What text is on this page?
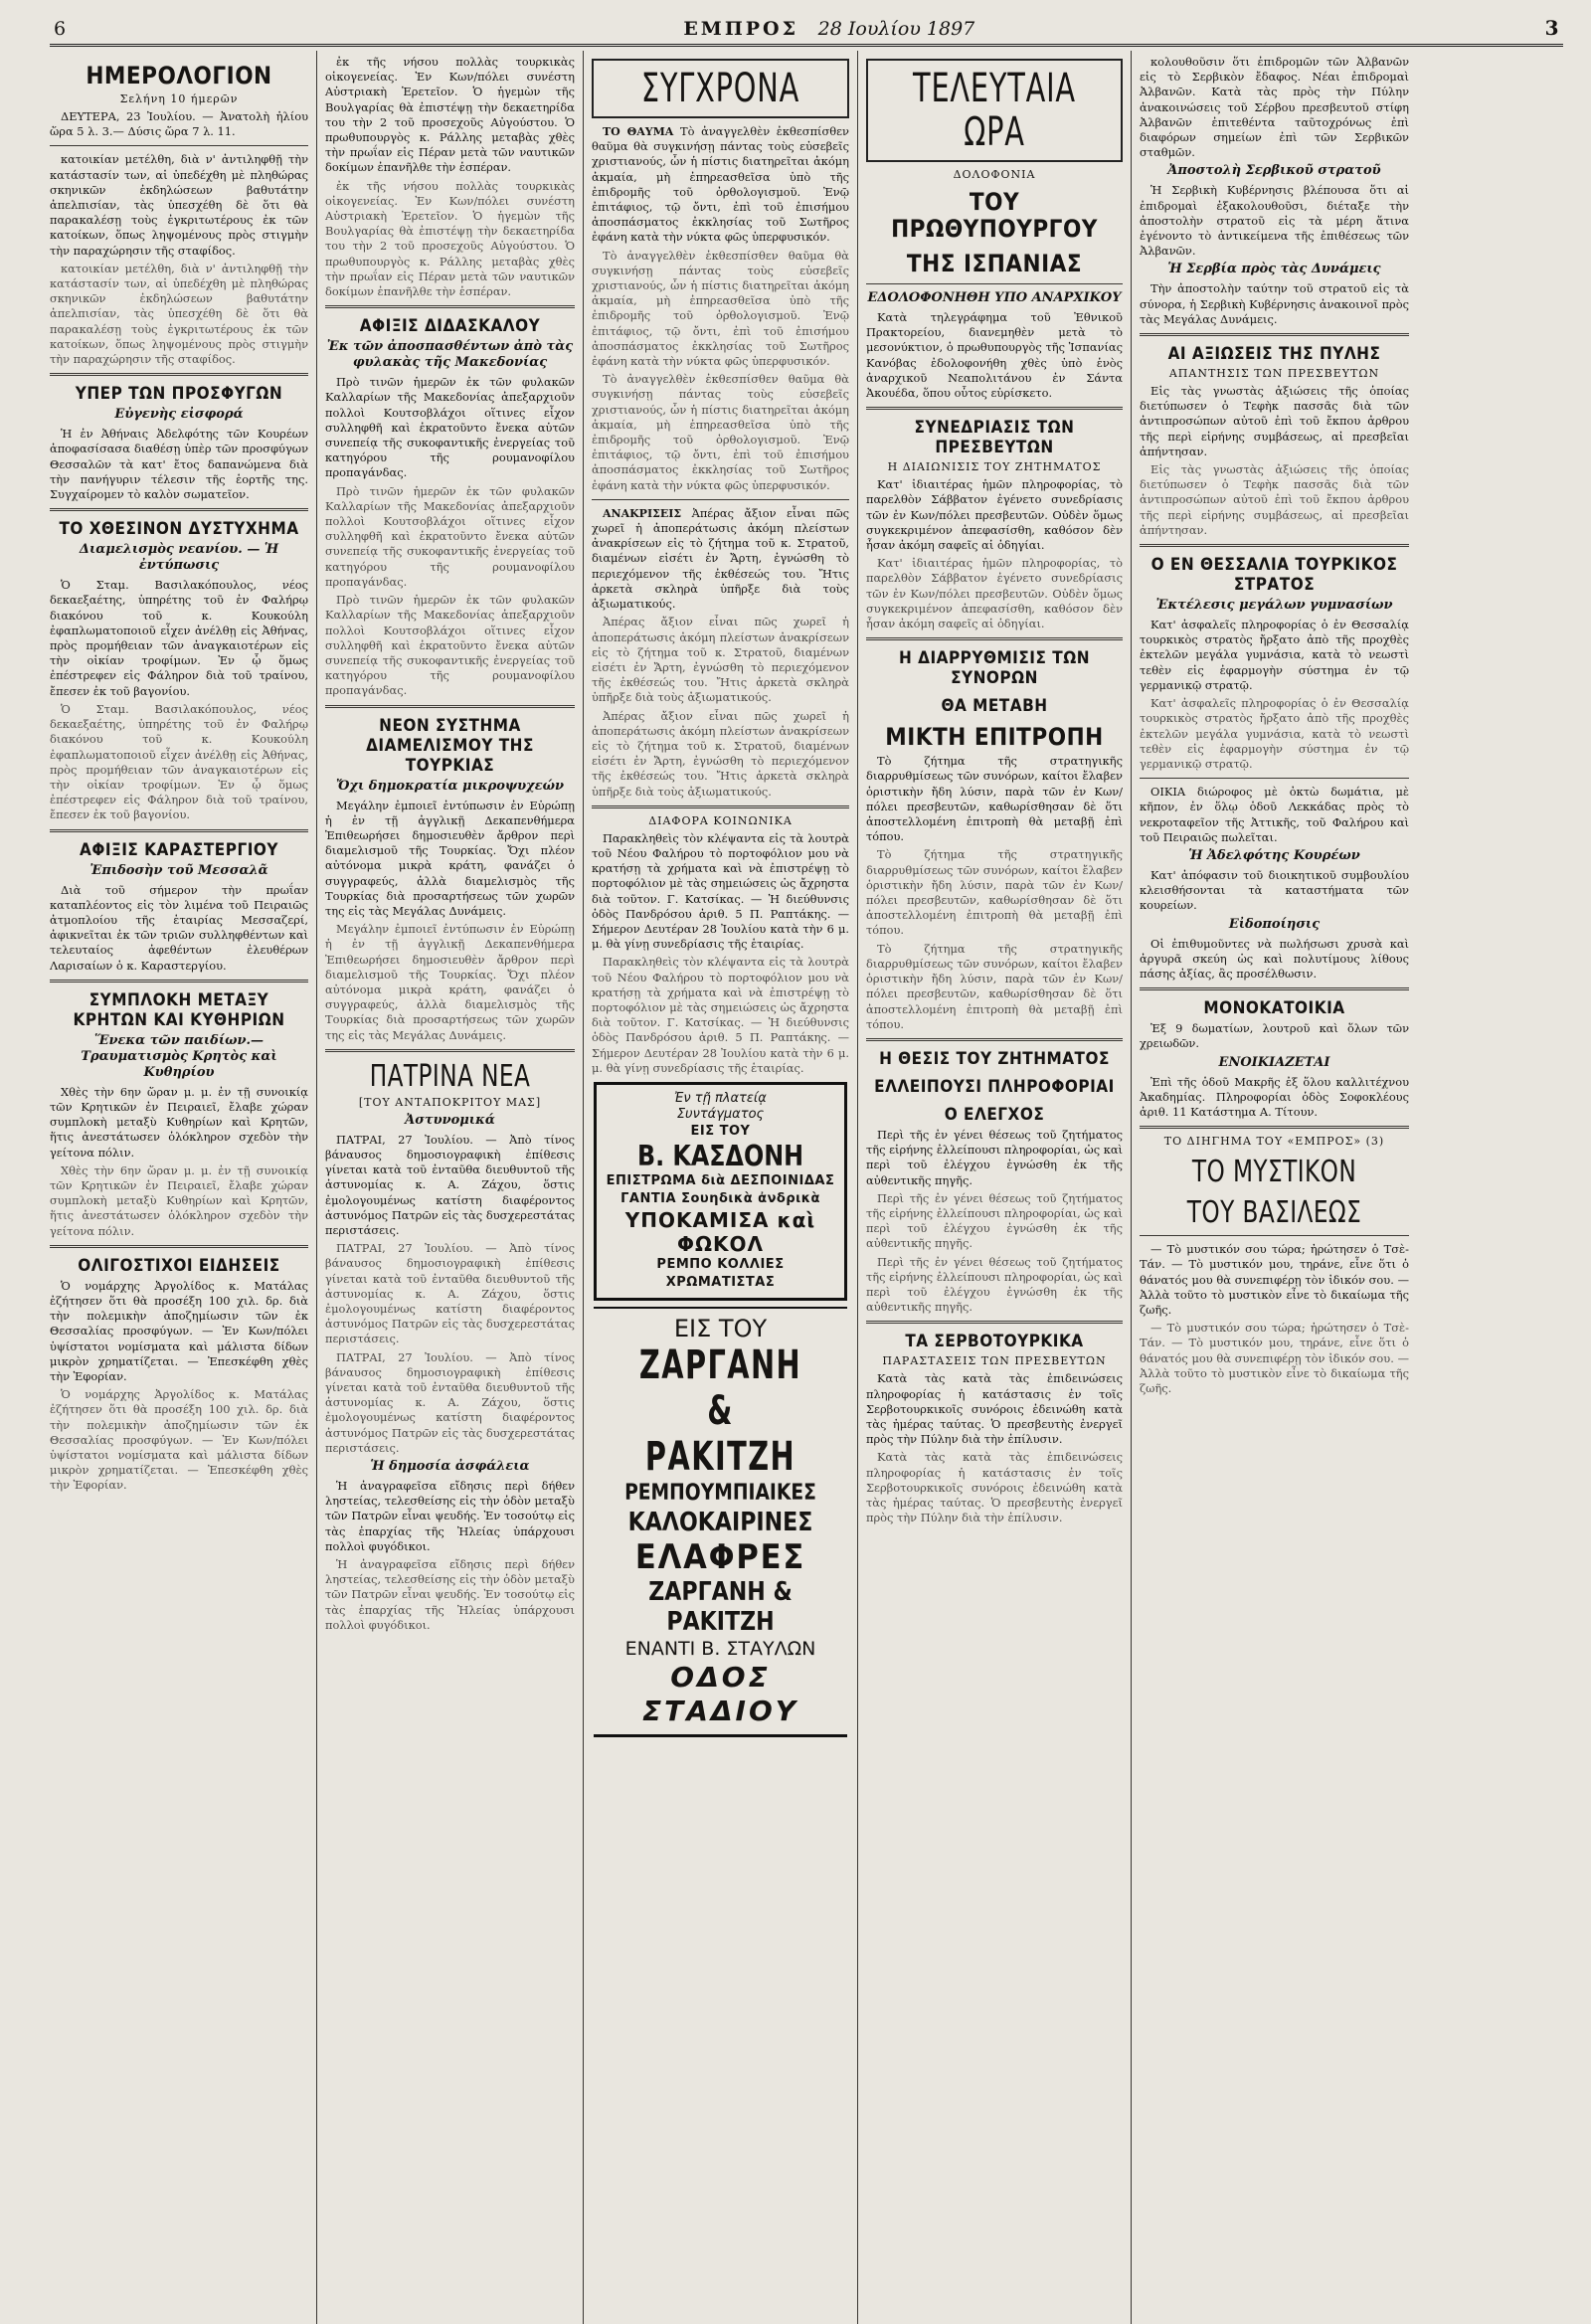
6	ΕΜΠΡΟΣ 28 Ιουλίου 1897	3
ΗΜΕΡΟΛΟΓΙΟΝ
Σελήνη 10 ήμερῶν

ΔΕΥΤΕΡΑ, 23 Ἰουλίου. — Ἀνατολὴ ἡλίου ὥρα 5 λ. 3.— Δύσις ὥρα 7 λ. 11.

κατοικίαν μετέλθη, διὰ ν' ἀντιληφθῇ τὴν κατάστασίν των, αἱ ὑπεδέχθη μὲ πληθώρας σκηνικῶν ἐκδηλώσεων βαθυτάτην ἀπελπισίαν, τὰς ὑπεσχέθη δὲ ὅτι θὰ παρακαλέσῃ τοὺς ἐγκριτωτέρους ἐκ τῶν κατοίκων, ὅπως ληψομένους πρὸς στιγμὴν τὴν παραχώρησιν τῆς σταφίδος.

κατοικίαν μετέλθη, διὰ ν' ἀντιληφθῇ τὴν κατάστασίν των, αἱ ὑπεδέχθη μὲ πληθώρας σκηνικῶν ἐκδηλώσεων βαθυτάτην ἀπελπισίαν, τὰς ὑπεσχέθη δὲ ὅτι θὰ παρακαλέσῃ τοὺς ἐγκριτωτέρους ἐκ τῶν κατοίκων, ὅπως ληψομένους πρὸς στιγμὴν τὴν παραχώρησιν τῆς σταφίδος.

ΥΠΕΡ ΤΩΝ ΠΡΟΣΦΥΓΩΝ
Εὐγενὴς εἰσφορά

Ἡ ἐν Ἀθήναις Ἀδελφότης τῶν Κουρέων ἀποφασίσασα διαθέσῃ ὑπὲρ τῶν προσφύγων Θεσσαλῶν τὰ κατ' ἔτος δαπανώμενα διὰ τὴν πανήγυριν τέλεσιν τῆς ἑορτῆς της. Συγχαίρομεν τὸ καλὸν σωματεῖον.

ΤΟ ΧΘΕΣΙΝΟΝ ΔΥΣΤΥΧΗΜΑ
Διαμελισμὸς νεανίου. — Ἡ ἐντύπωσις

Ὁ Σταμ. Βασιλακόπουλος, νέος δεκαεξαέτης, ὑπηρέτης τοῦ ἐν Φαλήρῳ διακόνου τοῦ κ. Κουκούλη ἐφαπλωματοποιοῦ εἶχεν ἀνέλθῃ εἰς Ἀθήνας, πρὸς προμήθειαν τῶν ἀναγκαιοτέρων εἰς τὴν οἰκίαν τροφίμων. Ἐν ᾧ ὅμως ἐπέστρεφεν εἰς Φάληρον διὰ τοῦ τραίνου, ἔπεσεν ἐκ τοῦ βαγονίου.

Ὁ Σταμ. Βασιλακόπουλος, νέος δεκαεξαέτης, ὑπηρέτης τοῦ ἐν Φαλήρῳ διακόνου τοῦ κ. Κουκούλη ἐφαπλωματοποιοῦ εἶχεν ἀνέλθῃ εἰς Ἀθήνας, πρὸς προμήθειαν τῶν ἀναγκαιοτέρων εἰς τὴν οἰκίαν τροφίμων. Ἐν ᾧ ὅμως ἐπέστρεφεν εἰς Φάληρον διὰ τοῦ τραίνου, ἔπεσεν ἐκ τοῦ βαγονίου.

ΑΦΙΞΙΣ ΚΑΡΑΣΤΕΡΓΙΟΥ
Ἐπιδοσὴν τοῦ Μεσσαλᾶ

Διὰ τοῦ σήμερον τὴν πρωΐαν καταπλέοντος εἰς τὸν λιμένα τοῦ Πειραιῶς ἀτμοπλοίου τῆς ἑταιρίας Μεσσαζερί, ἀφικνεῖται ἐκ τῶν τριῶν συλληφθέντων καὶ τελευταίος ἀφεθέντων ἐλευθέρων Λαρισαίων ὁ κ. Καραστεργίου.

ΣΥΜΠΛΟΚΗ ΜΕΤΑΞΥ ΚΡΗΤΩΝ ΚΑΙ ΚΥΘΗΡΙΩΝ
Ἕνεκα τῶν παιδίων.— Τραυματισμὸς Κρητὸς καὶ Κυθηρίου

Χθὲς τὴν 6ην ὥραν μ. μ. ἐν τῇ συνοικίᾳ τῶν Κρητικῶν ἐν Πειραιεῖ, ἔλαβε χώραν συμπλοκὴ μεταξὺ Κυθηρίων καὶ Κρητῶν, ἥτις ἀνεστάτωσεν ὁλόκληρον σχεδὸν τὴν γείτονα πόλιν.

Χθὲς τὴν 6ην ὥραν μ. μ. ἐν τῇ συνοικίᾳ τῶν Κρητικῶν ἐν Πειραιεῖ, ἔλαβε χώραν συμπλοκὴ μεταξὺ Κυθηρίων καὶ Κρητῶν, ἥτις ἀνεστάτωσεν ὁλόκληρον σχεδὸν τὴν γείτονα πόλιν.

ΟΛΙΓΟΣΤΙΧΟΙ ΕΙΔΗΣΕΙΣ

Ὁ νομάρχης Ἀργολίδος κ. Ματάλας ἐζήτησεν ὅτι θὰ προσέξη 100 χιλ. δρ. διὰ τὴν πολεμικὴν ἀποζημίωσιν τῶν ἐκ Θεσσαλίας προσφύγων. — Ἐν Κων/πόλει ὑψίστατοι νομίσματα καὶ μάλιστα δίδων μικρὸν χρηματίζεται. — Ἐπεσκέφθη χθὲς τὴν Ἐφορίαν.

Ὁ νομάρχης Ἀργολίδος κ. Ματάλας ἐζήτησεν ὅτι θὰ προσέξη 100 χιλ. δρ. διὰ τὴν πολεμικὴν ἀποζημίωσιν τῶν ἐκ Θεσσαλίας προσφύγων. — Ἐν Κων/πόλει ὑψίστατοι νομίσματα καὶ μάλιστα δίδων μικρὸν χρηματίζεται. — Ἐπεσκέφθη χθὲς τὴν Ἐφορίαν.

ἐκ τῆς νήσου πολλὰς τουρκικὰς οἰκογενείας. Ἐν Κων/πόλει συνέστη Αὐστριακὴ Ἐρετεῖον. Ὁ ἡγεμὼν τῆς Βουλγαρίας θὰ ἐπιστέψῃ τὴν δεκαετηρίδα του τὴν 2 τοῦ προσεχοῦς Αὐγούστου. Ὁ πρωθυπουργὸς κ. Ράλλης μεταβὰς χθὲς τὴν πρωΐαν εἰς Πέραν μετὰ τῶν ναυτικῶν δοκίμων ἐπανῆλθε τὴν ἑσπέραν.

ἐκ τῆς νήσου πολλὰς τουρκικὰς οἰκογενείας. Ἐν Κων/πόλει συνέστη Αὐστριακὴ Ἐρετεῖον. Ὁ ἡγεμὼν τῆς Βουλγαρίας θὰ ἐπιστέψῃ τὴν δεκαετηρίδα του τὴν 2 τοῦ προσεχοῦς Αὐγούστου. Ὁ πρωθυπουργὸς κ. Ράλλης μεταβὰς χθὲς τὴν πρωΐαν εἰς Πέραν μετὰ τῶν ναυτικῶν δοκίμων ἐπανῆλθε τὴν ἑσπέραν.

ΑΦΙΞΙΣ ΔΙΔΑΣΚΑΛΟΥ
Ἐκ τῶν ἀποσπασθέντων ἀπὸ τὰς φυλακὰς τῆς Μακεδονίας

Πρὸ τινῶν ἡμερῶν ἐκ τῶν φυλακῶν Καλλαρίων τῆς Μακεδονίας ἀπεξαρχιοῦν πολλοὶ Κουτσοβλάχοι οἵτινες εἶχον συλληφθῆ καὶ ἐκρατοῦντο ἔνεκα αὐτῶν συνεπείᾳ τῆς συκοφαντικῆς ἐνεργείας τοῦ κατηγόρου τῆς ρουμανοφίλου προπαγάνδας.

Πρὸ τινῶν ἡμερῶν ἐκ τῶν φυλακῶν Καλλαρίων τῆς Μακεδονίας ἀπεξαρχιοῦν πολλοὶ Κουτσοβλάχοι οἵτινες εἶχον συλληφθῆ καὶ ἐκρατοῦντο ἔνεκα αὐτῶν συνεπείᾳ τῆς συκοφαντικῆς ἐνεργείας τοῦ κατηγόρου τῆς ρουμανοφίλου προπαγάνδας.

Πρὸ τινῶν ἡμερῶν ἐκ τῶν φυλακῶν Καλλαρίων τῆς Μακεδονίας ἀπεξαρχιοῦν πολλοὶ Κουτσοβλάχοι οἵτινες εἶχον συλληφθῆ καὶ ἐκρατοῦντο ἔνεκα αὐτῶν συνεπείᾳ τῆς συκοφαντικῆς ἐνεργείας τοῦ κατηγόρου τῆς ρουμανοφίλου προπαγάνδας.

ΝΕΟΝ ΣΥΣΤΗΜΑ ΔΙΑΜΕΛΙΣΜΟΥ ΤΗΣ ΤΟΥΡΚΙΑΣ
Ὄχι δημοκρατία μικροψυχεών

Μεγάλην ἐμποιεῖ ἐντύπωσιν ἐν Εὐρώπῃ ἡ ἐν τῇ ἀγγλικῇ Δεκαπενθήμερα Ἐπιθεωρήσει δημοσιευθὲν ἄρθρον περὶ διαμελισμοῦ τῆς Τουρκίας. Ὄχι πλέον αὐτόνομα μικρὰ κράτη, φανάζει ὁ συγγραφεύς, ἀλλὰ διαμελισμὸς τῆς Τουρκίας διὰ προσαρτήσεως τῶν χωρῶν της εἰς τὰς Μεγάλας Δυνάμεις.

Μεγάλην ἐμποιεῖ ἐντύπωσιν ἐν Εὐρώπῃ ἡ ἐν τῇ ἀγγλικῇ Δεκαπενθήμερα Ἐπιθεωρήσει δημοσιευθὲν ἄρθρον περὶ διαμελισμοῦ τῆς Τουρκίας. Ὄχι πλέον αὐτόνομα μικρὰ κράτη, φανάζει ὁ συγγραφεύς, ἀλλὰ διαμελισμὸς τῆς Τουρκίας διὰ προσαρτήσεως τῶν χωρῶν της εἰς τὰς Μεγάλας Δυνάμεις.

ΠΑΤΡΙΝΑ ΝΕΑ
[ΤΟΥ ΑΝΤΑΠΟΚΡΙΤΟΥ ΜΑΣ]
Ἀστυνομικά

ΠΑΤΡΑΙ, 27 Ἰουλίου. — Ἀπὸ τίνος βάναυσος δημοσιογραφικὴ ἐπίθεσις γίνεται κατὰ τοῦ ἐνταῦθα διευθυντοῦ τῆς ἀστυνομίας κ. Α. Ζάχου, ὅστις ἐμολογουμένως κατίστη διαφέροντος ἀστυνόμος Πατρῶν εἰς τὰς δυσχερεστάτας περιστάσεις.

ΠΑΤΡΑΙ, 27 Ἰουλίου. — Ἀπὸ τίνος βάναυσος δημοσιογραφικὴ ἐπίθεσις γίνεται κατὰ τοῦ ἐνταῦθα διευθυντοῦ τῆς ἀστυνομίας κ. Α. Ζάχου, ὅστις ἐμολογουμένως κατίστη διαφέροντος ἀστυνόμος Πατρῶν εἰς τὰς δυσχερεστάτας περιστάσεις.

ΠΑΤΡΑΙ, 27 Ἰουλίου. — Ἀπὸ τίνος βάναυσος δημοσιογραφικὴ ἐπίθεσις γίνεται κατὰ τοῦ ἐνταῦθα διευθυντοῦ τῆς ἀστυνομίας κ. Α. Ζάχου, ὅστις ἐμολογουμένως κατίστη διαφέροντος ἀστυνόμος Πατρῶν εἰς τὰς δυσχερεστάτας περιστάσεις.

Ἡ δημοσία ἀσφάλεια

Ἡ ἀναγραφεῖσα εἴδησις περὶ δήθεν ληστείας, τελεσθείσης εἰς τὴν ὁδὸν μεταξὺ τῶν Πατρῶν εἶναι ψευδής. Ἐν τοσούτῳ εἰς τὰς ἐπαρχίας τῆς Ἠλείας ὑπάρχουσι πολλοὶ φυγόδικοι.

Ἡ ἀναγραφεῖσα εἴδησις περὶ δήθεν ληστείας, τελεσθείσης εἰς τὴν ὁδὸν μεταξὺ τῶν Πατρῶν εἶναι ψευδής. Ἐν τοσούτῳ εἰς τὰς ἐπαρχίας τῆς Ἠλείας ὑπάρχουσι πολλοὶ φυγόδικοι.

ΣΥΓΧΡΟΝΑ

ΤΟ ΘΑΥΜΑ Τὸ ἀναγγελθὲν ἐκθεσπίσθεν θαῦμα θὰ συγκινήσῃ πάντας τοὺς εὐσεβεῖς χριστιανούς, ὧν ἡ πίστις διατηρεῖται ἀκόμη ἀκμαία, μὴ ἐπηρεασθεῖσα ὑπὸ τῆς ἐπιδρομῆς τοῦ ὀρθολογισμοῦ. Ἐνῷ ἐπιτάφιος, τῷ ὄντι, ἐπὶ τοῦ ἐπισήμου ἀποσπάσματος ἐκκλησίας τοῦ Σωτῆρος ἐφάνη κατὰ τὴν νύκτα φῶς ὑπερφυσικόν.

Τὸ ἀναγγελθὲν ἐκθεσπίσθεν θαῦμα θὰ συγκινήσῃ πάντας τοὺς εὐσεβεῖς χριστιανούς, ὧν ἡ πίστις διατηρεῖται ἀκόμη ἀκμαία, μὴ ἐπηρεασθεῖσα ὑπὸ τῆς ἐπιδρομῆς τοῦ ὀρθολογισμοῦ. Ἐνῷ ἐπιτάφιος, τῷ ὄντι, ἐπὶ τοῦ ἐπισήμου ἀποσπάσματος ἐκκλησίας τοῦ Σωτῆρος ἐφάνη κατὰ τὴν νύκτα φῶς ὑπερφυσικόν.

Τὸ ἀναγγελθὲν ἐκθεσπίσθεν θαῦμα θὰ συγκινήσῃ πάντας τοὺς εὐσεβεῖς χριστιανούς, ὧν ἡ πίστις διατηρεῖται ἀκόμη ἀκμαία, μὴ ἐπηρεασθεῖσα ὑπὸ τῆς ἐπιδρομῆς τοῦ ὀρθολογισμοῦ. Ἐνῷ ἐπιτάφιος, τῷ ὄντι, ἐπὶ τοῦ ἐπισήμου ἀποσπάσματος ἐκκλησίας τοῦ Σωτῆρος ἐφάνη κατὰ τὴν νύκτα φῶς ὑπερφυσικόν.

ΑΝΑΚΡΙΣΕΙΣ Ἀπέρας ἄξιον εἶναι πῶς χωρεῖ ἡ ἀποπεράτωσις ἀκόμη πλείστων ἀνακρίσεων εἰς τὸ ζήτημα τοῦ κ. Στρατοῦ, διαμένων εἰσέτι ἐν Ἄρτη, ἐγνώσθη τὸ περιεχόμενον τῆς ἐκθέσεώς του. Ἤτις ἀρκετὰ σκληρὰ ὑπῆρξε διὰ τοὺς ἀξιωματικούς.

Ἀπέρας ἄξιον εἶναι πῶς χωρεῖ ἡ ἀποπεράτωσις ἀκόμη πλείστων ἀνακρίσεων εἰς τὸ ζήτημα τοῦ κ. Στρατοῦ, διαμένων εἰσέτι ἐν Ἄρτη, ἐγνώσθη τὸ περιεχόμενον τῆς ἐκθέσεώς του. Ἤτις ἀρκετὰ σκληρὰ ὑπῆρξε διὰ τοὺς ἀξιωματικούς.

Ἀπέρας ἄξιον εἶναι πῶς χωρεῖ ἡ ἀποπεράτωσις ἀκόμη πλείστων ἀνακρίσεων εἰς τὸ ζήτημα τοῦ κ. Στρατοῦ, διαμένων εἰσέτι ἐν Ἄρτη, ἐγνώσθη τὸ περιεχόμενον τῆς ἐκθέσεώς του. Ἤτις ἀρκετὰ σκληρὰ ὑπῆρξε διὰ τοὺς ἀξιωματικούς.

ΔΙΑΦΟΡΑ ΚΟΙΝΩΝΙΚΑ

Παρακληθεὶς τὸν κλέψαντα εἰς τὰ λουτρὰ τοῦ Νέου Φαλήρου τὸ πορτοφόλιον μου νὰ κρατήσῃ τὰ χρήματα καὶ νὰ ἐπιστρέψῃ τὸ πορτοφόλιον μὲ τὰς σημειώσεις ὡς ἄχρηστα διὰ τοῦτον. Γ. Κατσίκας. — Ἡ διεύθυνσις ὁδὸς Πανδρόσου ἀριθ. 5 Π. Ραπτάκης. — Σήμερον Δευτέραν 28 Ἰουλίου κατὰ τὴν 6 μ. μ. θὰ γίνῃ συνεδρίασις τῆς ἑταιρίας.

Παρακληθεὶς τὸν κλέψαντα εἰς τὰ λουτρὰ τοῦ Νέου Φαλήρου τὸ πορτοφόλιον μου νὰ κρατήσῃ τὰ χρήματα καὶ νὰ ἐπιστρέψῃ τὸ πορτοφόλιον μὲ τὰς σημειώσεις ὡς ἄχρηστα διὰ τοῦτον. Γ. Κατσίκας. — Ἡ διεύθυνσις ὁδὸς Πανδρόσου ἀριθ. 5 Π. Ραπτάκης. — Σήμερον Δευτέραν 28 Ἰουλίου κατὰ τὴν 6 μ. μ. θὰ γίνῃ συνεδρίασις τῆς ἑταιρίας.

Ἐν τῇ πλατείᾳ
Συντάγματος
ΕΙΣ ΤΟΥ
Β. ΚΑΣΔΟΝΗ
ΕΠΙΣΤΡΩΜΑ διὰ ΔΕΣΠΟΙΝΙΔΑΣ
ΓΑΝΤΙΑ Σουηδικὰ ἀνδρικὰ
ΥΠΟΚΑΜΙΣΑ καὶ ΦΩΚΟΛ
ΡΕΜΠΟ ΚΟΛΛΙΕΣ ΧΡΩΜΑΤΙΣΤΑΣ
ΕΙΣ ΤΟΥ
ΖΑΡΓΑΝΗ & ΡΑΚΙΤΖΗ
ΡΕΜΠΟΥΜΠΙΑΙΚΕΣ
ΚΑΛΟΚΑΙΡΙΝΕΣ
ΕΛΑΦΡΕΣ
ΖΑΡΓΑΝΗ & ΡΑΚΙΤΖΗ
ΕΝΑΝΤΙ Β. ΣΤΑΥΛΩΝ
ΟΔΟΣ ΣΤΑΔΙΟΥ
ΤΕΛΕΥΤΑΙΑ ΩΡΑ
ΔΟΛΟΦΟΝΙΑ
ΤΟΥ ΠΡΩΘΥΠΟΥΡΓΟΥ
ΤΗΣ ΙΣΠΑΝΙΑΣ
ΕΔΟΛΟΦΟΝΗΘΗ ΥΠΟ ΑΝΑΡΧΙΚΟΥ

Κατὰ τηλεγράφημα τοῦ Ἐθνικοῦ Πρακτορείου, διανεμηθὲν μετὰ τὸ μεσονύκτιον, ὁ πρωθυπουργὸς τῆς Ἱσπανίας Κανόβας ἐδολοφονήθη χθὲς ὑπὸ ἑνὸς ἀναρχικοῦ Νεαπολιτάνου ἐν Σάντα Ἀκουέδα, ὅπου οὗτος εὑρίσκετο.

ΣΥΝΕΔΡΙΑΣΙΣ ΤΩΝ ΠΡΕΣΒΕΥΤΩΝ
Η ΔΙΑΙΩΝΙΣΙΣ ΤΟΥ ΖΗΤΗΜΑΤΟΣ

Κατ' ἰδιαιτέρας ἡμῶν πληροφορίας, τὸ παρελθὸν Σάββατον ἐγένετο συνεδρίασις τῶν ἐν Κων/πόλει πρεσβευτῶν. Οὐδὲν ὅμως συγκεκριμένον ἀπεφασίσθη, καθόσον δὲν ἦσαν ἀκόμη σαφεῖς αἱ ὁδηγίαι.

Κατ' ἰδιαιτέρας ἡμῶν πληροφορίας, τὸ παρελθὸν Σάββατον ἐγένετο συνεδρίασις τῶν ἐν Κων/πόλει πρεσβευτῶν. Οὐδὲν ὅμως συγκεκριμένον ἀπεφασίσθη, καθόσον δὲν ἦσαν ἀκόμη σαφεῖς αἱ ὁδηγίαι.

Η ΔΙΑΡΡΥΘΜΙΣΙΣ ΤΩΝ ΣΥΝΟΡΩΝ
ΘΑ ΜΕΤΑΒΗ
ΜΙΚΤΗ ΕΠΙΤΡΟΠΗ

Τὸ ζήτημα τῆς στρατηγικῆς διαρρυθμίσεως τῶν συνόρων, καίτοι ἔλαβεν ὁριστικὴν ἤδη λύσιν, παρὰ τῶν ἐν Κων/πόλει πρεσβευτῶν, καθωρίσθησαν δὲ ὅτι ἀποστελλομένη ἐπιτροπὴ θὰ μεταβῇ ἐπὶ τόπου.

Τὸ ζήτημα τῆς στρατηγικῆς διαρρυθμίσεως τῶν συνόρων, καίτοι ἔλαβεν ὁριστικὴν ἤδη λύσιν, παρὰ τῶν ἐν Κων/πόλει πρεσβευτῶν, καθωρίσθησαν δὲ ὅτι ἀποστελλομένη ἐπιτροπὴ θὰ μεταβῇ ἐπὶ τόπου.

Τὸ ζήτημα τῆς στρατηγικῆς διαρρυθμίσεως τῶν συνόρων, καίτοι ἔλαβεν ὁριστικὴν ἤδη λύσιν, παρὰ τῶν ἐν Κων/πόλει πρεσβευτῶν, καθωρίσθησαν δὲ ὅτι ἀποστελλομένη ἐπιτροπὴ θὰ μεταβῇ ἐπὶ τόπου.

Η ΘΕΣΙΣ ΤΟΥ ΖΗΤΗΜΑΤΟΣ
ΕΛΛΕΙΠΟΥΣΙ ΠΛΗΡΟΦΟΡΙΑΙ
Ο ΕΛΕΓΧΟΣ

Περὶ τῆς ἐν γένει θέσεως τοῦ ζητήματος τῆς εἰρήνης ἐλλείπουσι πληροφορίαι, ὡς καὶ περὶ τοῦ ἐλέγχου ἐγνώσθη ἐκ τῆς αὐθεντικῆς πηγῆς.

Περὶ τῆς ἐν γένει θέσεως τοῦ ζητήματος τῆς εἰρήνης ἐλλείπουσι πληροφορίαι, ὡς καὶ περὶ τοῦ ἐλέγχου ἐγνώσθη ἐκ τῆς αὐθεντικῆς πηγῆς.

Περὶ τῆς ἐν γένει θέσεως τοῦ ζητήματος τῆς εἰρήνης ἐλλείπουσι πληροφορίαι, ὡς καὶ περὶ τοῦ ἐλέγχου ἐγνώσθη ἐκ τῆς αὐθεντικῆς πηγῆς.

ΤΑ ΣΕΡΒΟΤΟΥΡΚΙΚΑ
ΠΑΡΑΣΤΑΣΕΙΣ ΤΩΝ ΠΡΕΣΒΕΥΤΩΝ

Κατὰ τὰς κατὰ τὰς ἐπιδεινώσεις πληροφορίας ἡ κατάστασις ἐν τοῖς Σερβοτουρκικοῖς συνόροις ἐδεινώθη κατὰ τὰς ἡμέρας ταύτας. Ὁ πρεσβευτὴς ἐνεργεῖ πρὸς τὴν Πύλην διὰ τὴν ἐπίλυσιν.

Κατὰ τὰς κατὰ τὰς ἐπιδεινώσεις πληροφορίας ἡ κατάστασις ἐν τοῖς Σερβοτουρκικοῖς συνόροις ἐδεινώθη κατὰ τὰς ἡμέρας ταύτας. Ὁ πρεσβευτὴς ἐνεργεῖ πρὸς τὴν Πύλην διὰ τὴν ἐπίλυσιν.

κολουθοῦσιν ὅτι ἐπιδρομῶν τῶν Ἀλβανῶν εἰς τὸ Σερβικὸν ἔδαφος. Νέαι ἐπιδρομαὶ Ἀλβανῶν. Κατὰ τὰς πρὸς τὴν Πύλην ἀνακοινώσεις τοῦ Σέρβου πρεσβευτοῦ στίφη Ἀλβανῶν ἐπιτεθέντα ταῦτοχρόνως ἐπὶ διαφόρων σημείων ἐπὶ τῶν Σερβικῶν σταθμῶν.

Ἀποστολὴ Σερβικοῦ στρατοῦ

Ἡ Σερβικὴ Κυβέρνησις βλέπουσα ὅτι αἱ ἐπιδρομαὶ ἐξακολουθοῦσι, διέταξε τὴν ἀποστολὴν στρατοῦ εἰς τὰ μέρη ἅτινα ἐγένοντο τὸ ἀντικείμενα τῆς ἐπιθέσεως τῶν Ἀλβανῶν.

Ἡ Σερβία πρὸς τὰς Δυνάμεις

Τὴν ἀποστολὴν ταύτην τοῦ στρατοῦ εἰς τὰ σύνορα, ἡ Σερβικὴ Κυβέρνησις ἀνακοινοῖ πρὸς τὰς Μεγάλας Δυνάμεις.

ΑΙ ΑΞΙΩΣΕΙΣ ΤΗΣ ΠΥΛΗΣ
ΑΠΑΝΤΗΣΙΣ ΤΩΝ ΠΡΕΣΒΕΥΤΩΝ

Εἰς τὰς γνωστὰς ἀξιώσεις τῆς ὁποίας διετύπωσεν ὁ Τεφὴκ πασσᾶς διὰ τῶν ἀντιπροσώπων αὐτοῦ ἐπὶ τοῦ ἔκπου ἀρθρου τῆς περὶ εἰρήνης συμβάσεως, αἱ πρεσβεῖαι ἀπήντησαν.

Εἰς τὰς γνωστὰς ἀξιώσεις τῆς ὁποίας διετύπωσεν ὁ Τεφὴκ πασσᾶς διὰ τῶν ἀντιπροσώπων αὐτοῦ ἐπὶ τοῦ ἔκπου ἀρθρου τῆς περὶ εἰρήνης συμβάσεως, αἱ πρεσβεῖαι ἀπήντησαν.

Ο ΕΝ ΘΕΣΣΑΛΙΑ ΤΟΥΡΚΙΚΟΣ ΣΤΡΑΤΟΣ
Ἐκτέλεσις μεγάλων γυμνασίων

Κατ' ἀσφαλεῖς πληροφορίας ὁ ἐν Θεσσαλίᾳ τουρκικὸς στρατὸς ἤρξατο ἀπὸ τῆς προχθὲς ἐκτελῶν μεγάλα γυμνάσια, κατὰ τὸ νεωστὶ τεθὲν εἰς ἐφαρμογὴν σύστημα ἐν τῷ γερμανικῷ στρατῷ.

Κατ' ἀσφαλεῖς πληροφορίας ὁ ἐν Θεσσαλίᾳ τουρκικὸς στρατὸς ἤρξατο ἀπὸ τῆς προχθὲς ἐκτελῶν μεγάλα γυμνάσια, κατὰ τὸ νεωστὶ τεθὲν εἰς ἐφαρμογὴν σύστημα ἐν τῷ γερμανικῷ στρατῷ.

ΟΙΚΙΑ διώροφος μὲ ὀκτὼ δωμάτια, μὲ κῆπον, ἐν ὅλῳ ὁδοῦ Λεκκάδας πρὸς τὸ νεκροταφεῖον τῆς Ἀττικῆς, τοῦ Φαλήρου καὶ τοῦ Πειραιῶς πωλεῖται.

Ἡ Ἀδελφότης Κουρέων

Κατ' ἀπόφασιν τοῦ διοικητικοῦ συμβουλίου κλεισθήσονται τὰ καταστήματα τῶν κουρείων.

Εἰδοποίησις

Οἱ ἐπιθυμοῦντες νὰ πωλήσωσι χρυσὰ καὶ ἀργυρᾶ σκεύη ὡς καὶ πολυτίμους λίθους πάσης ἀξίας, ἂς προσέλθωσιν.

ΜΟΝΟΚΑΤΟΙΚΙΑ

Ἐξ 9 δωματίων, λουτροῦ καὶ ὅλων τῶν χρειωδῶν.

ΕΝΟΙΚΙΑΖΕΤΑΙ

Ἐπὶ τῆς ὁδοῦ Μακρῆς ἐξ ὅλου καλλιτέχνου Ἀκαδημίας. Πληροφορίαι ὁδὸς Σοφοκλέους ἀριθ. 11 Κατάστημα Α. Τίτουν.

ΤΟ ΔΙΗΓΗΜΑ ΤΟΥ «ΕΜΠΡΟΣ» (3)
ΤΟ ΜΥΣΤΙΚΟΝ
ΤΟΥ ΒΑΣΙΛΕΩΣ

— Τὸ μυστικόν σου τώρα; ἠρώτησεν ὁ Τσὲ-Τάν. — Τὸ μυστικόν μου, τηράνε, εἶνε ὅτι ὁ θάνατός μου θὰ συνεπιφέρῃ τὸν ἰδικόν σου. — Ἀλλὰ τοῦτο τὸ μυστικὸν εἶνε τὸ δικαίωμα τῆς ζωῆς.

— Τὸ μυστικόν σου τώρα; ἠρώτησεν ὁ Τσὲ-Τάν. — Τὸ μυστικόν μου, τηράνε, εἶνε ὅτι ὁ θάνατός μου θὰ συνεπιφέρῃ τὸν ἰδικόν σου. — Ἀλλὰ τοῦτο τὸ μυστικὸν εἶνε τὸ δικαίωμα τῆς ζωῆς.
